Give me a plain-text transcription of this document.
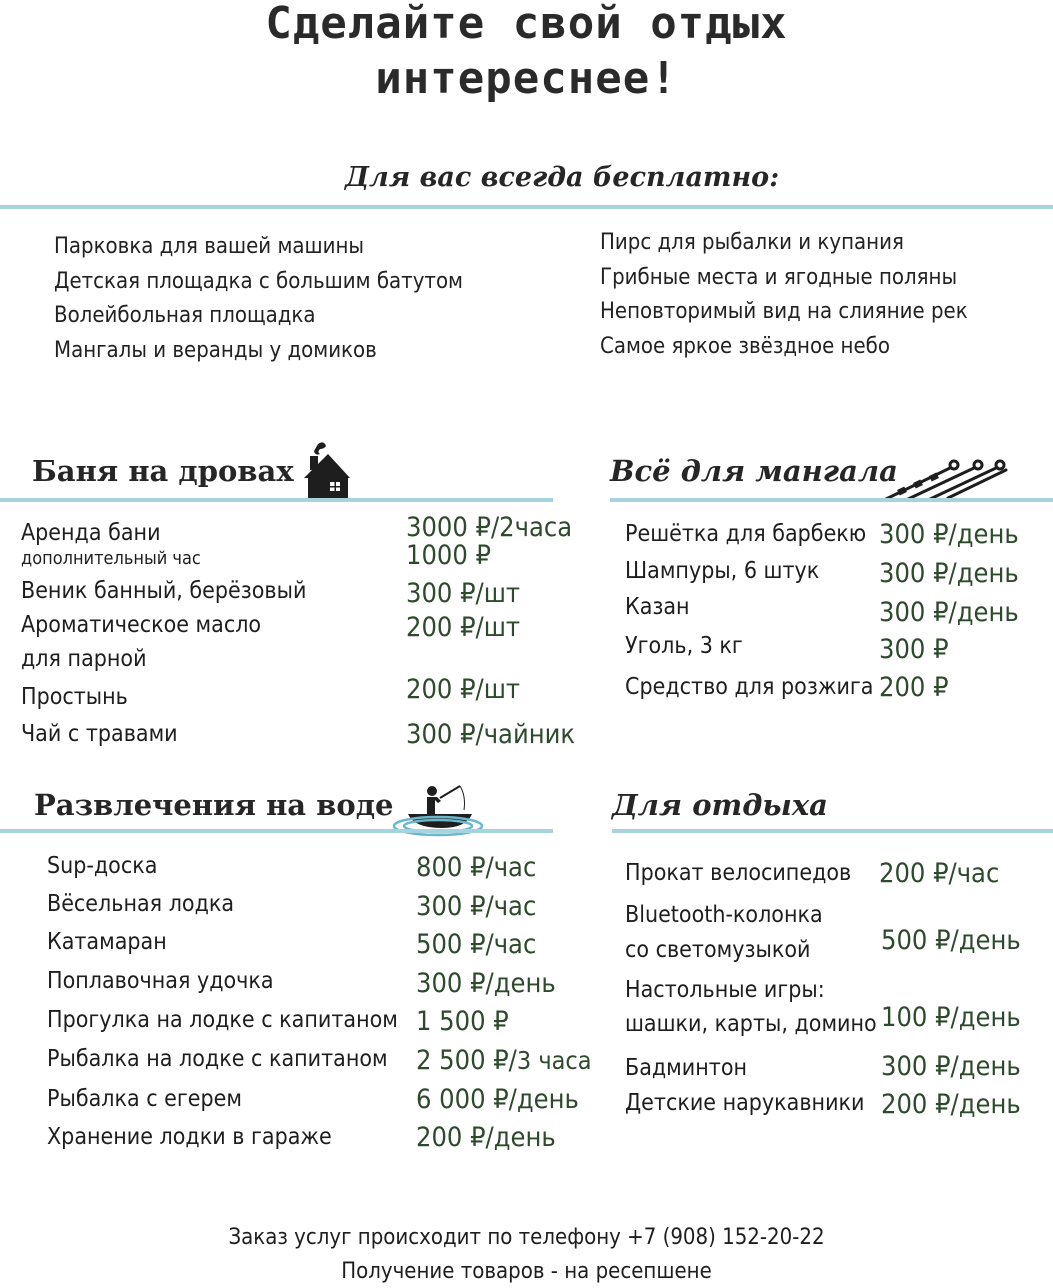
Сделайте свой отдых
интереснее!
Для вас всегда бесплатно:
Парковка для вашей машины
Детская площадка с большим батутом
Волейбольная площадка
Мангалы и веранды у домиков
Пирс для рыбалки и купания
Грибные места и ягодные поляны
Неповторимый вид на слияние рек
Самое яркое звёздное небо
Баня на дровах
Аренда бани
дополнительный час
Веник банный, берёзовый
Ароматическое масло
для парной
Простынь
Чай с травами
3000 ₽/2часа
1000 ₽
300 ₽/шт
200 ₽/шт
200 ₽/шт
300 ₽/чайник
Всё для мангала
Решётка для барбекю
Шампуры, 6 штук
Казан
Уголь, 3 кг
Средство для розжига
300 ₽/день
300 ₽/день
300 ₽/день
300 ₽
200 ₽
Развлечения на воде
Sup-доска
Вёсельная лодка
Катамаран
Поплавочная удочка
Прогулка на лодке с капитаном
Рыбалка на лодке с капитаном
Рыбалка с егерем
Хранение лодки в гараже
800 ₽/час
300 ₽/час
500 ₽/час
300 ₽/день
1 500 ₽
2 500 ₽/3 часа
6 000 ₽/день
200 ₽/день
Для отдыха
Прокат велосипедов
Bluetooth-колонка
со светомузыкой
Настольные игры:
шашки, карты, домино
Бадминтон
Детские нарукавники
200 ₽/час
500 ₽/день
100 ₽/день
300 ₽/день
200 ₽/день
Заказ услуг происходит по телефону +7 (908) 152-20-22
Получение товаров - на ресепшене
